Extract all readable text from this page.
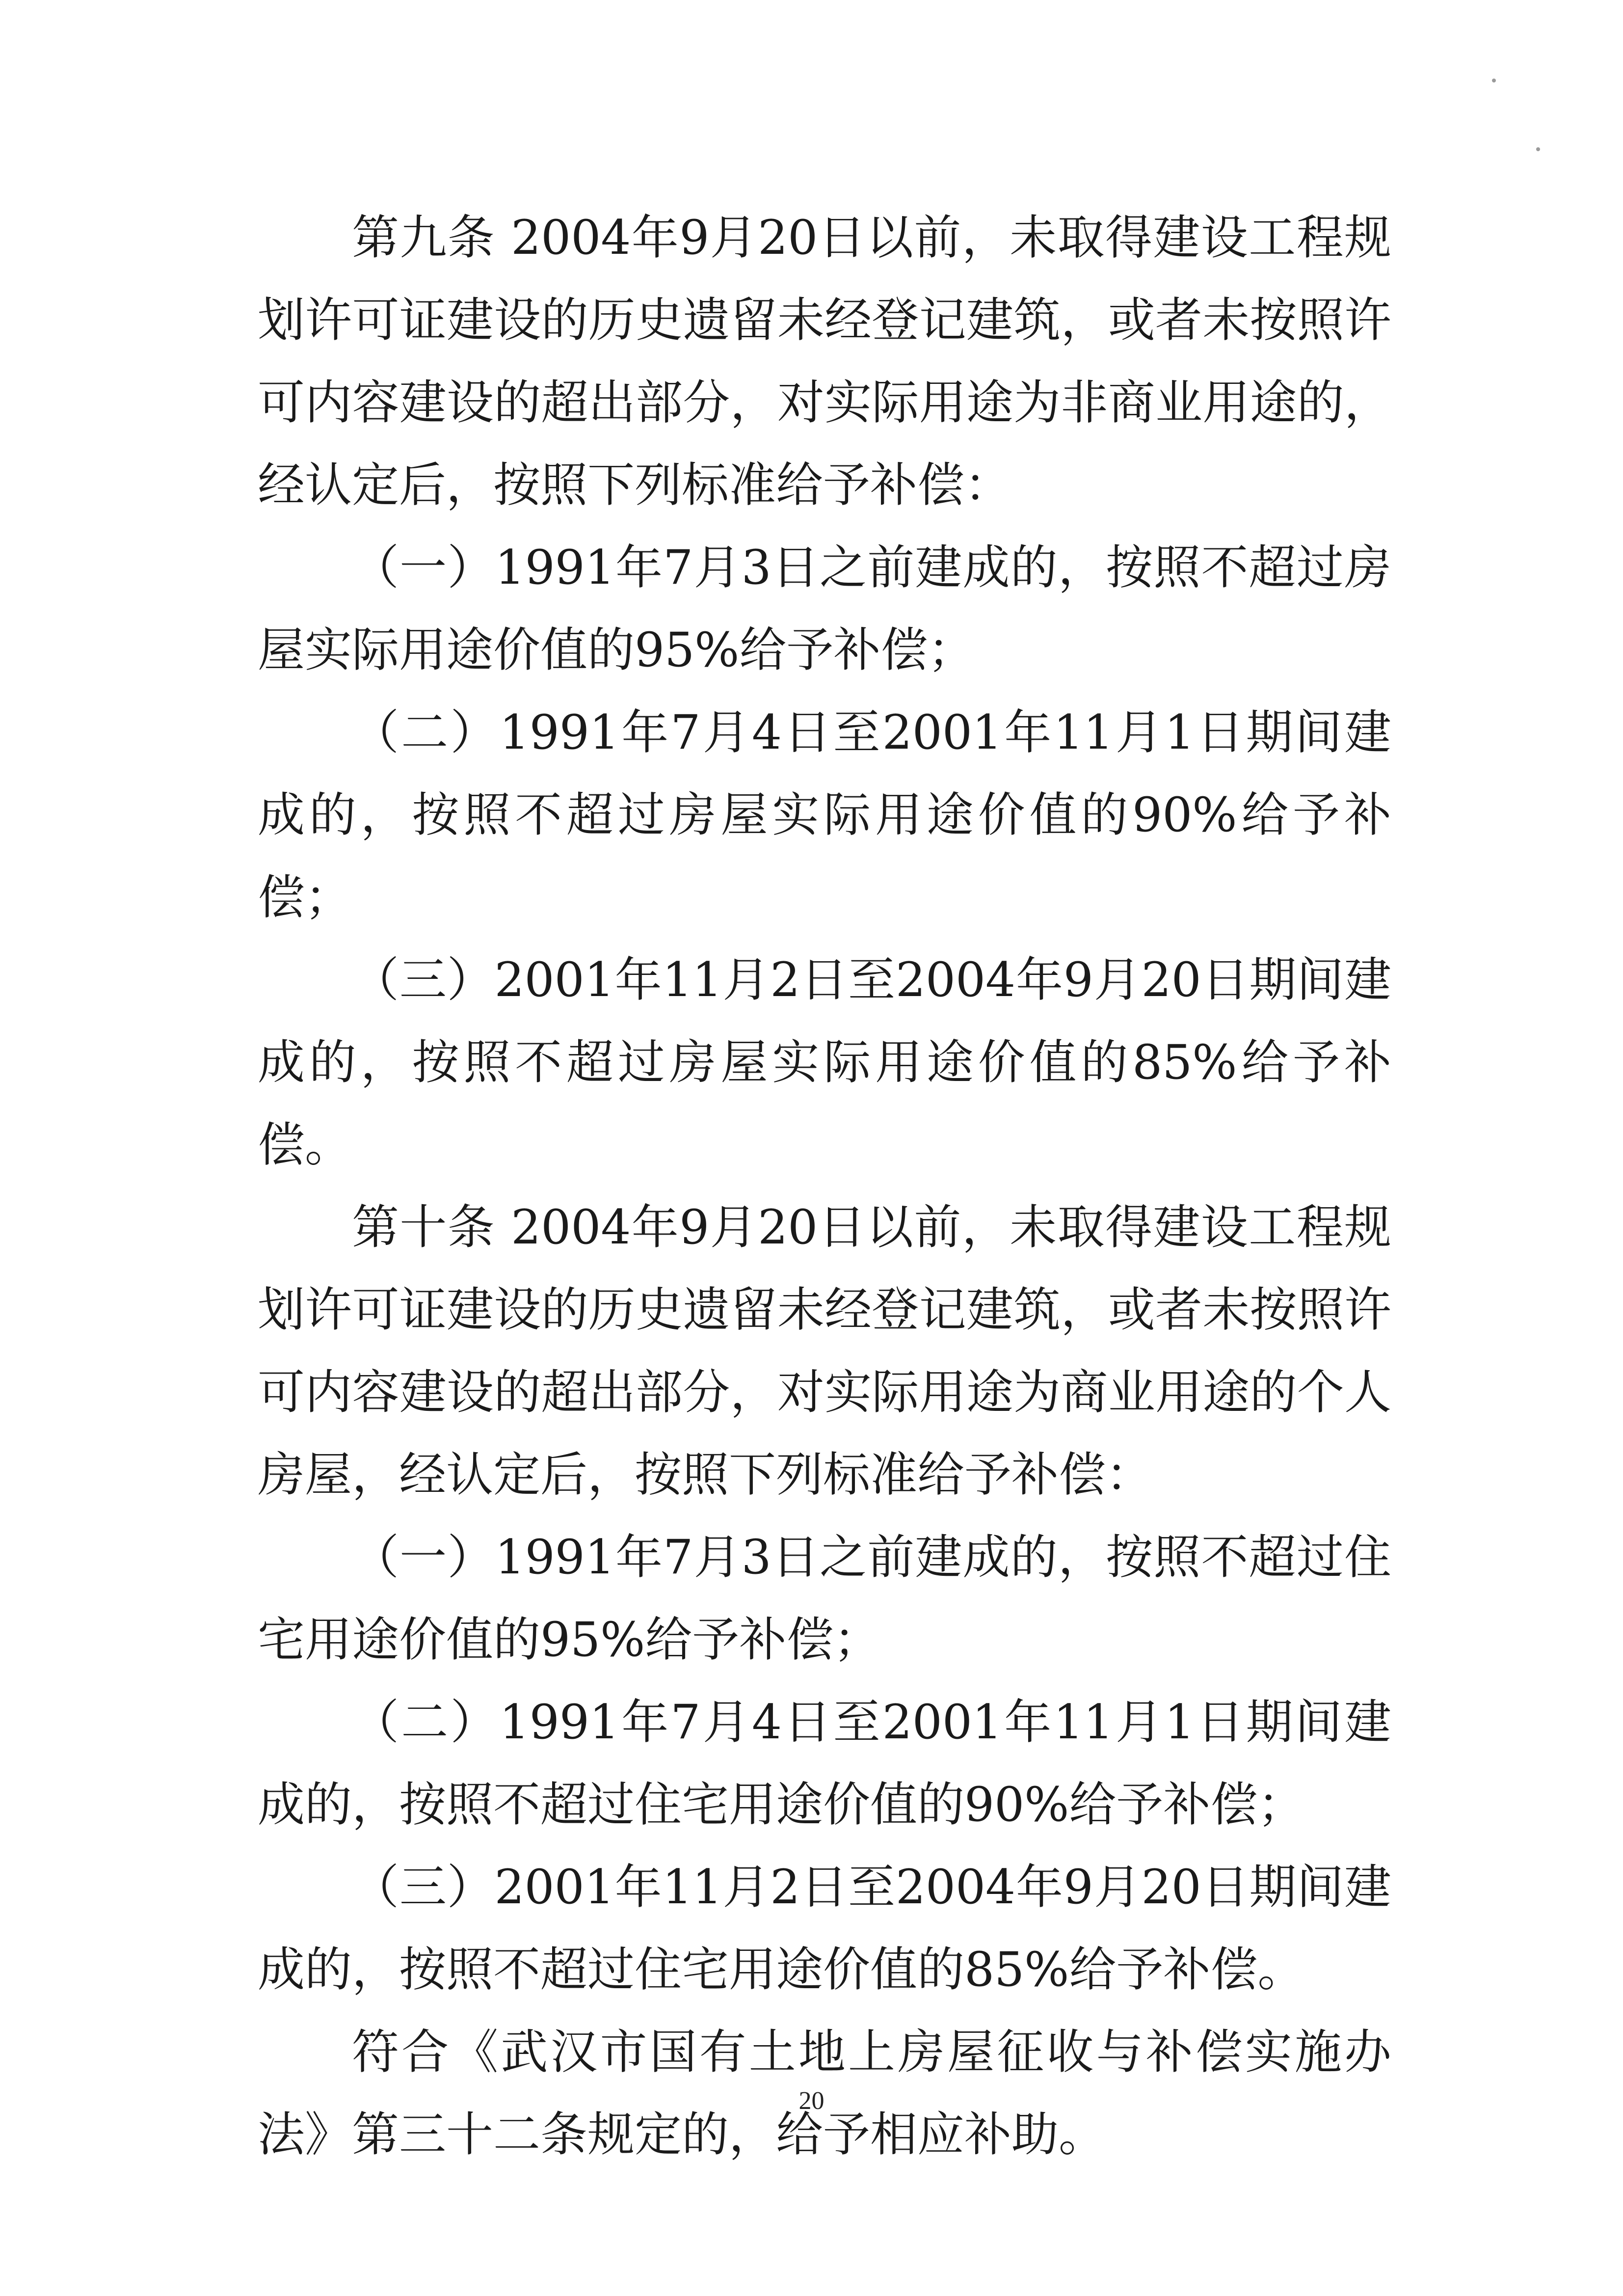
第九条 2004年9月20日以前，未取得建设工程规划许可证建设的历史遗留未经登记建筑，或者未按照许可内容建设的超出部分，对实际用途为非商业用途的，经认定后，按照下列标准给予补偿：

（一）1991年7月3日之前建成的，按照不超过房屋实际用途价值的95%给予补偿；

（二）1991年7月4日至2001年11月1日期间建成的，按照不超过房屋实际用途价值的90%给予补偿；

（三）2001年11月2日至2004年9月20日期间建成的，按照不超过房屋实际用途价值的85%给予补偿。

第十条 2004年9月20日以前，未取得建设工程规划许可证建设的历史遗留未经登记建筑，或者未按照许可内容建设的超出部分，对实际用途为商业用途的个人房屋，经认定后，按照下列标准给予补偿：

（一）1991年7月3日之前建成的，按照不超过住宅用途价值的95%给予补偿；

（二）1991年7月4日至2001年11月1日期间建成的，按照不超过住宅用途价值的90%给予补偿；

（三）2001年11月2日至2004年9月20日期间建成的，按照不超过住宅用途价值的85%给予补偿。

符合《武汉市国有土地上房屋征收与补偿实施办法》第三十二条规定的，给予相应补助。

20
